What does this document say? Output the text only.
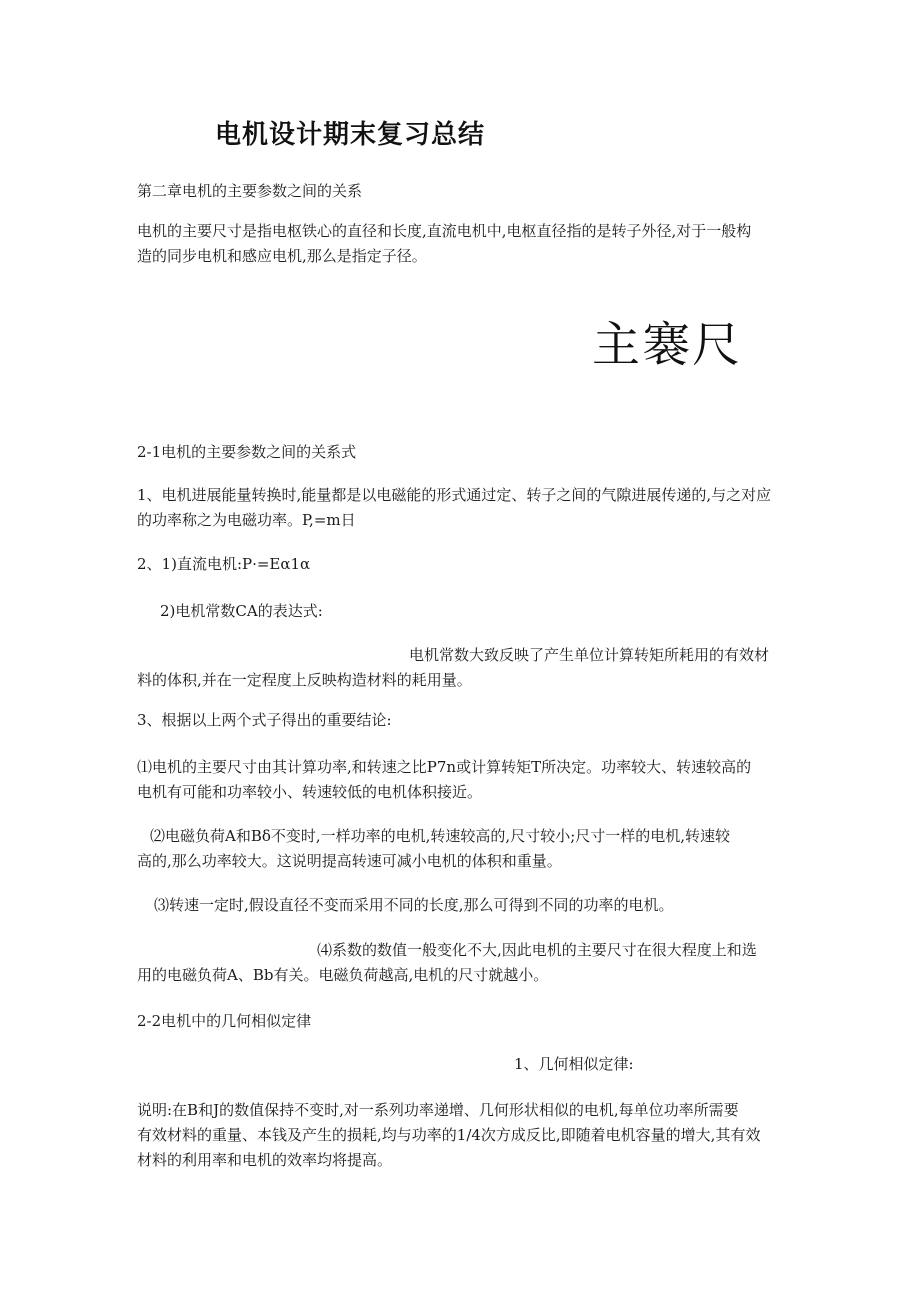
电机设计期末复习总结
第二章电机的主要参数之间的关系
电机的主要尺寸是指电枢铁心的直径和长度,直流电机中,电枢直径指的是转子外径,对于一般构
造的同步电机和感应电机,那么是指定子径。
主褰尺
2-1电机的主要参数之间的关系式
1、电机进展能量转换时,能量都是以电磁能的形式通过定、转子之间的气隙进展传递的,与之对应
的功率称之为电磁功率。P,=m日
2、1)直流电机:P·=Eα1α
2)电机常数CA的表达式:
电机常数大致反映了产生单位计算转矩所耗用的有效材
料的体积,并在一定程度上反映构造材料的耗用量。
3、根据以上两个式子得出的重要结论:
⑴电机的主要尺寸由其计算功率,和转速之比P7n或计算转矩T所决定。功率较大、转速较高的
电机有可能和功率较小、转速较低的电机体积接近。
⑵电磁负荷A和Bδ不变时,一样功率的电机,转速较高的,尺寸较小;尺寸一样的电机,转速较
高的,那么功率较大。这说明提高转速可减小电机的体积和重量。
⑶转速一定时,假设直径不变而采用不同的长度,那么可得到不同的功率的电机。
⑷系数的数值一般变化不大,因此电机的主要尺寸在很大程度上和选
用的电磁负荷A、Bb有关。电磁负荷越高,电机的尺寸就越小。
2-2电机中的几何相似定律
1、几何相似定律:
说明:在B和J的数值保持不变时,对一系列功率递增、几何形状相似的电机,每单位功率所需要
有效材料的重量、本钱及产生的损耗,均与功率的1/4次方成反比,即随着电机容量的增大,其有效
材料的利用率和电机的效率均将提高。
